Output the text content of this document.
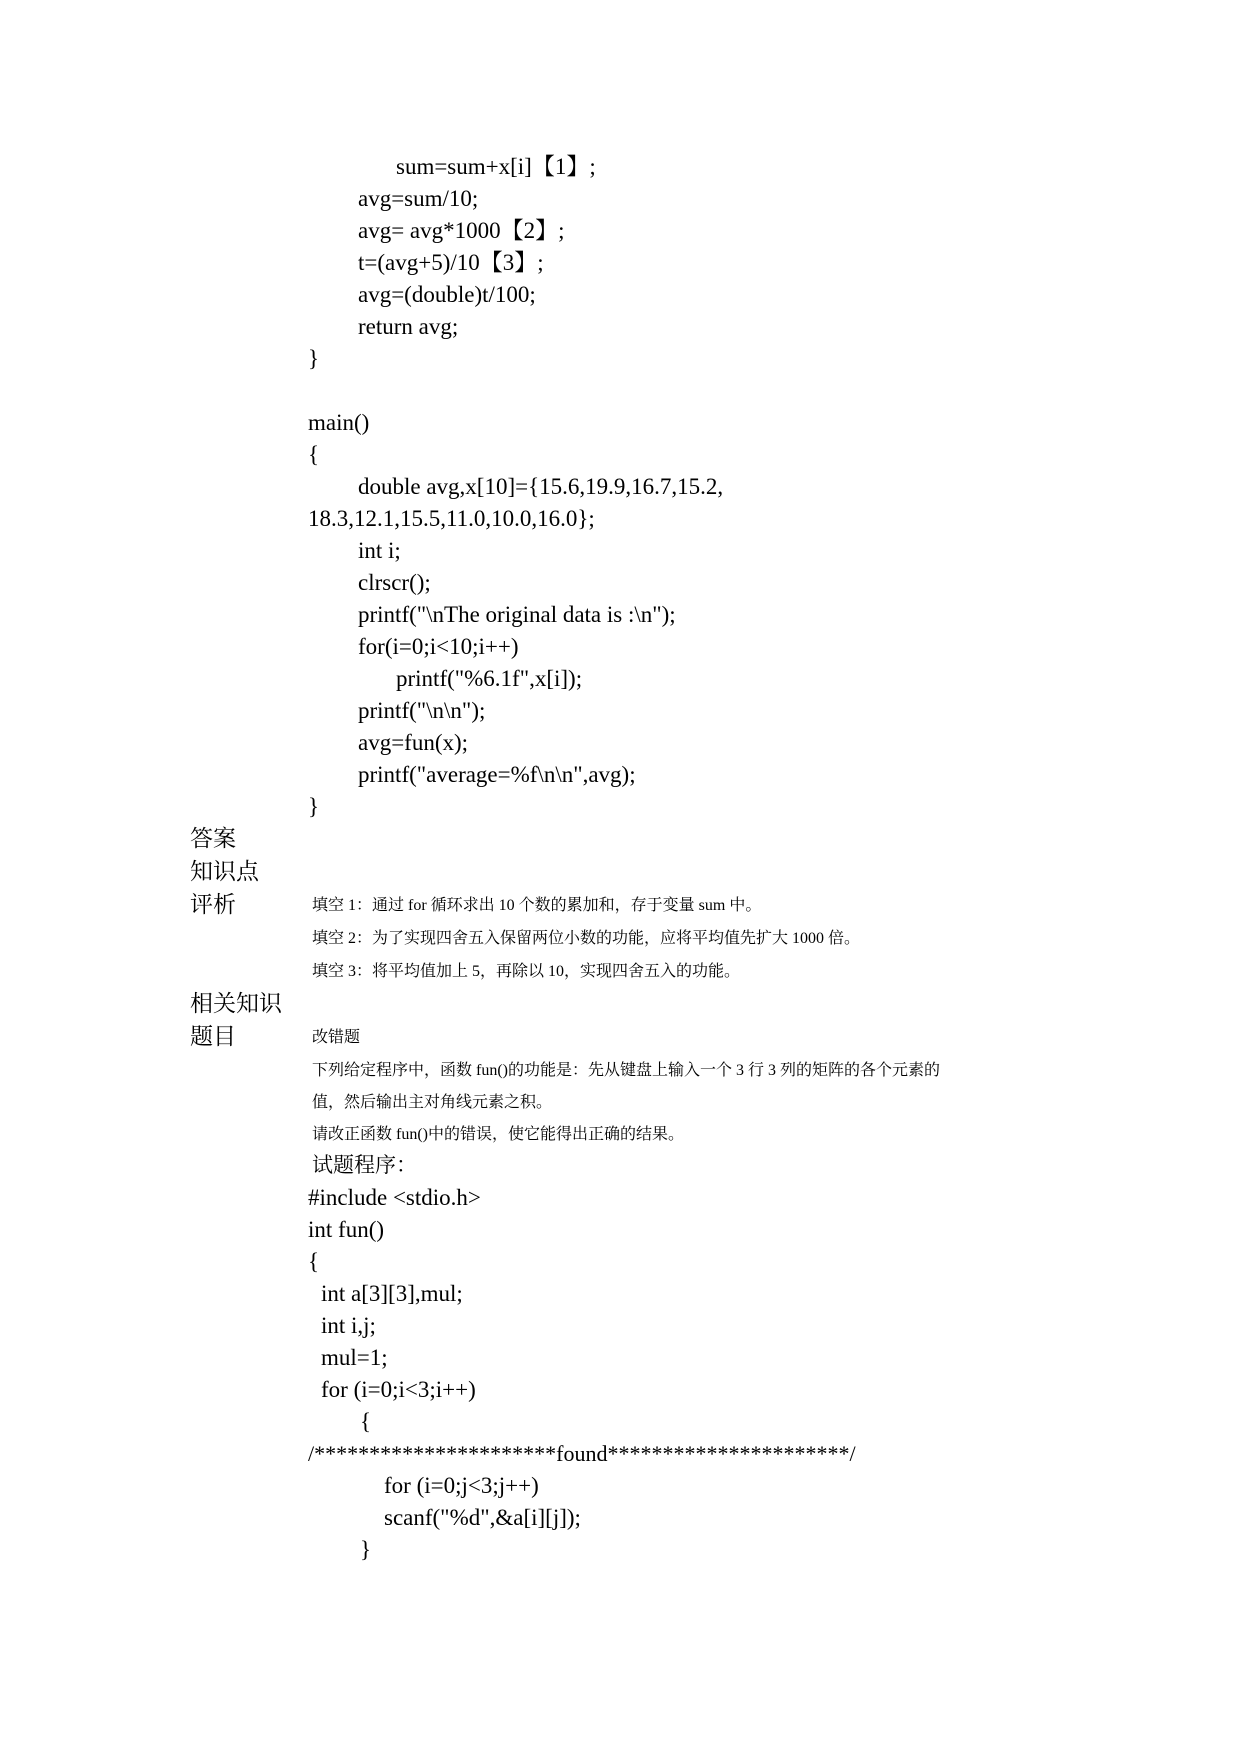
sum=sum+x[i]【1】;
avg=sum/10;
avg= avg*1000【2】;
t=(avg+5)/10【3】;
avg=(double)t/100;
return avg;
}
main()
{
double avg,x[10]={15.6,19.9,16.7,15.2,
18.3,12.1,15.5,11.0,10.0,16.0};
int i;
clrscr();
printf("\nThe original data is :\n");
for(i=0;i<10;i++)
printf("%6.1f",x[i]);
printf("\n\n");
avg=fun(x);
printf("average=%f\n\n",avg);
}
答案
知识点
评析	填空 1：通过 for 循环求出 10 个数的累加和，存于变量 sum 中。
填空 2：为了实现四舍五入保留两位小数的功能，应将平均值先扩大 1000 倍。
填空 3：将平均值加上 5，再除以 10，实现四舍五入的功能。
相关知识
题目	改错题
下列给定程序中，函数 fun()的功能是：先从键盘上输入一个 3 行 3 列的矩阵的各个元素的
值，然后输出主对角线元素之积。
请改正函数 fun()中的错误，使它能得出正确的结果。
试题程序：
#include <stdio.h>
int fun()
{
int a[3][3],mul;
int i,j;
mul=1;
for (i=0;i<3;i++)
{
/**********************found**********************/
for (i=0;j<3;j++)
scanf("%d",&a[i][j]);
}
